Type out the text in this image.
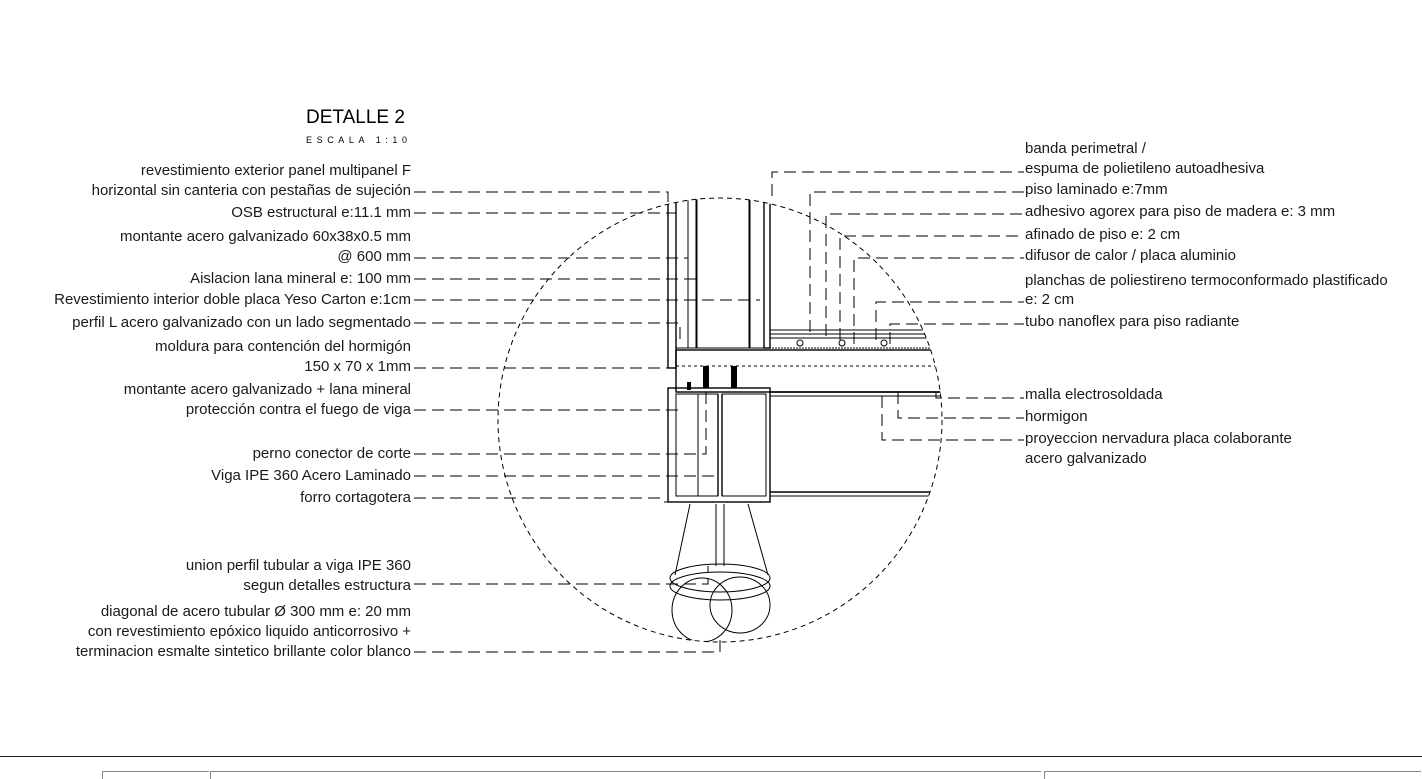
DETALLE 2
ESCALA 1:10
revestimiento exterior panel multipanel F horizontal sin canteria con pestañas de sujeción
OSB estructural e:11.1 mm
montante acero galvanizado 60x38x0.5 mm @ 600 mm
Aislacion lana mineral e: 100 mm
Revestimiento interior doble placa Yeso Carton e:1cm
perfil L acero galvanizado con un lado segmentado
moldura para contención del hormigón 150 x 70 x 1mm
montante acero galvanizado + lana mineral protección contra el fuego de viga
perno conector de corte
Viga IPE 360 Acero Laminado
forro cortagotera
union perfil tubular a viga IPE 360 segun detalles estructura
diagonal de acero tubular Ø 300 mm e: 20 mm con revestimiento epóxico liquido anticorrosivo + terminacion esmalte sintetico brillante color blanco
banda perimetral / espuma de polietileno autoadhesiva
piso laminado e:7mm
adhesivo agorex para piso de madera e: 3 mm
afinado de piso e: 2 cm
difusor de calor / placa aluminio
planchas de poliestireno termoconformado plastificado e: 2 cm
tubo nanoflex para piso radiante
malla electrosoldada
hormigon
proyeccion nervadura placa colaborante acero galvanizado
